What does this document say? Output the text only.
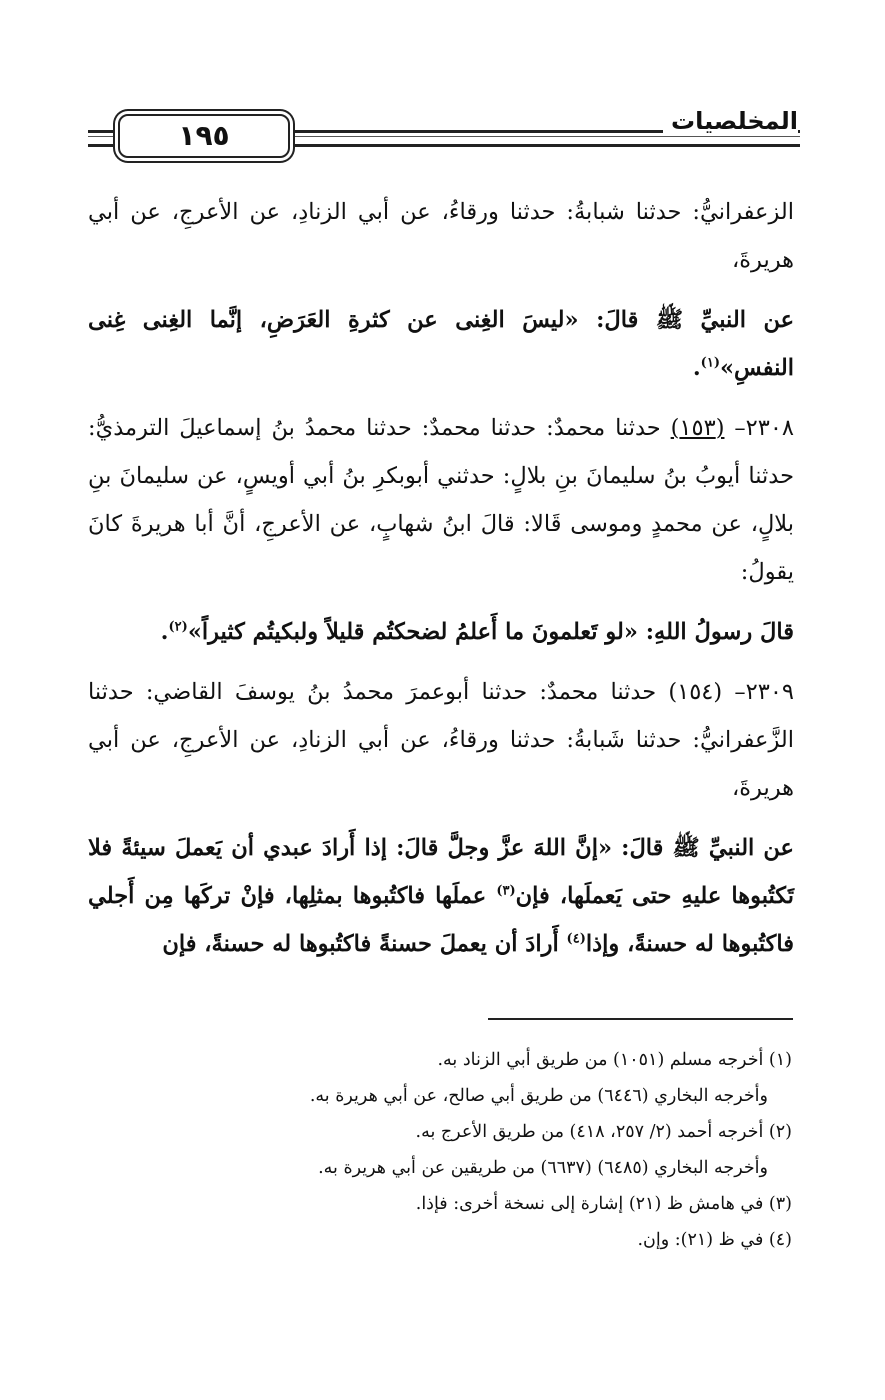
١٩٥	المخلصيات

الزعفرانيُّ: حدثنا شبابةُ: حدثنا ورقاءُ، عن أبي الزنادِ، عن الأعرجِ، عن أبي هريرةَ،

عن النبيِّ ﷺ قالَ: «ليسَ الغِنى عن كثرةِ العَرَضِ، إنَّما الغِنى غِنى النفسِ»$^{(١)}$.

٢٣٠٨– (١٥٣) حدثنا محمدٌ: حدثنا محمدٌ: حدثنا محمدُ بنُ إسماعيلَ الترمذيُّ: حدثنا أيوبُ بنُ سليمانَ بنِ بلالٍ: حدثني أبوبكرِ بنُ أبي أويسٍ، عن سليمانَ بنِ بلالٍ، عن محمدٍ وموسى قَالا: قالَ ابنُ شهابٍ، عن الأعرجِ، أنَّ أبا هريرةَ كانَ يقولُ:

قالَ رسولُ اللهِ: «لو تَعلمونَ ما أَعلمُ لضحكتُم قليلاً ولبكيتُم كثيراً»$^{(٢)}$.

٢٣٠٩– (١٥٤) حدثنا محمدٌ: حدثنا أبوعمرَ محمدُ بنُ يوسفَ القاضي: حدثنا الزَّعفرانيُّ: حدثنا شَبابةُ: حدثنا ورقاءُ، عن أبي الزنادِ، عن الأعرجِ، عن أبي هريرةَ،

عن النبيِّ ﷺ قالَ: «إنَّ اللهَ عزَّ وجلَّ قالَ: إذا أَرادَ عبدي أن يَعملَ سيئةً فلا تَكتُبوها عليهِ حتى يَعملَها، فإن$^{(٣)}$ عملَها فاكتُبوها بمثلِها، فإنْ تركَها مِن أَجلي فاكتُبوها له حسنةً، وإذا$^{(٤)}$ أَرادَ أن يعملَ حسنةً فاكتُبوها له حسنةً، فإن

(١) أخرجه مسلم (١٠٥١) من طريق أبي الزناد به.
وأخرجه البخاري (٦٤٤٦) من طريق أبي صالح، عن أبي هريرة به.
(٢) أخرجه أحمد (٢/ ٢٥٧، ٤١٨) من طريق الأعرج به.
وأخرجه البخاري (٦٤٨٥) (٦٦٣٧) من طريقين عن أبي هريرة به.
(٣) في هامش ظ (٢١) إشارة إلى نسخة أخرى: فإذا.
(٤) في ظ (٢١): وإن.
